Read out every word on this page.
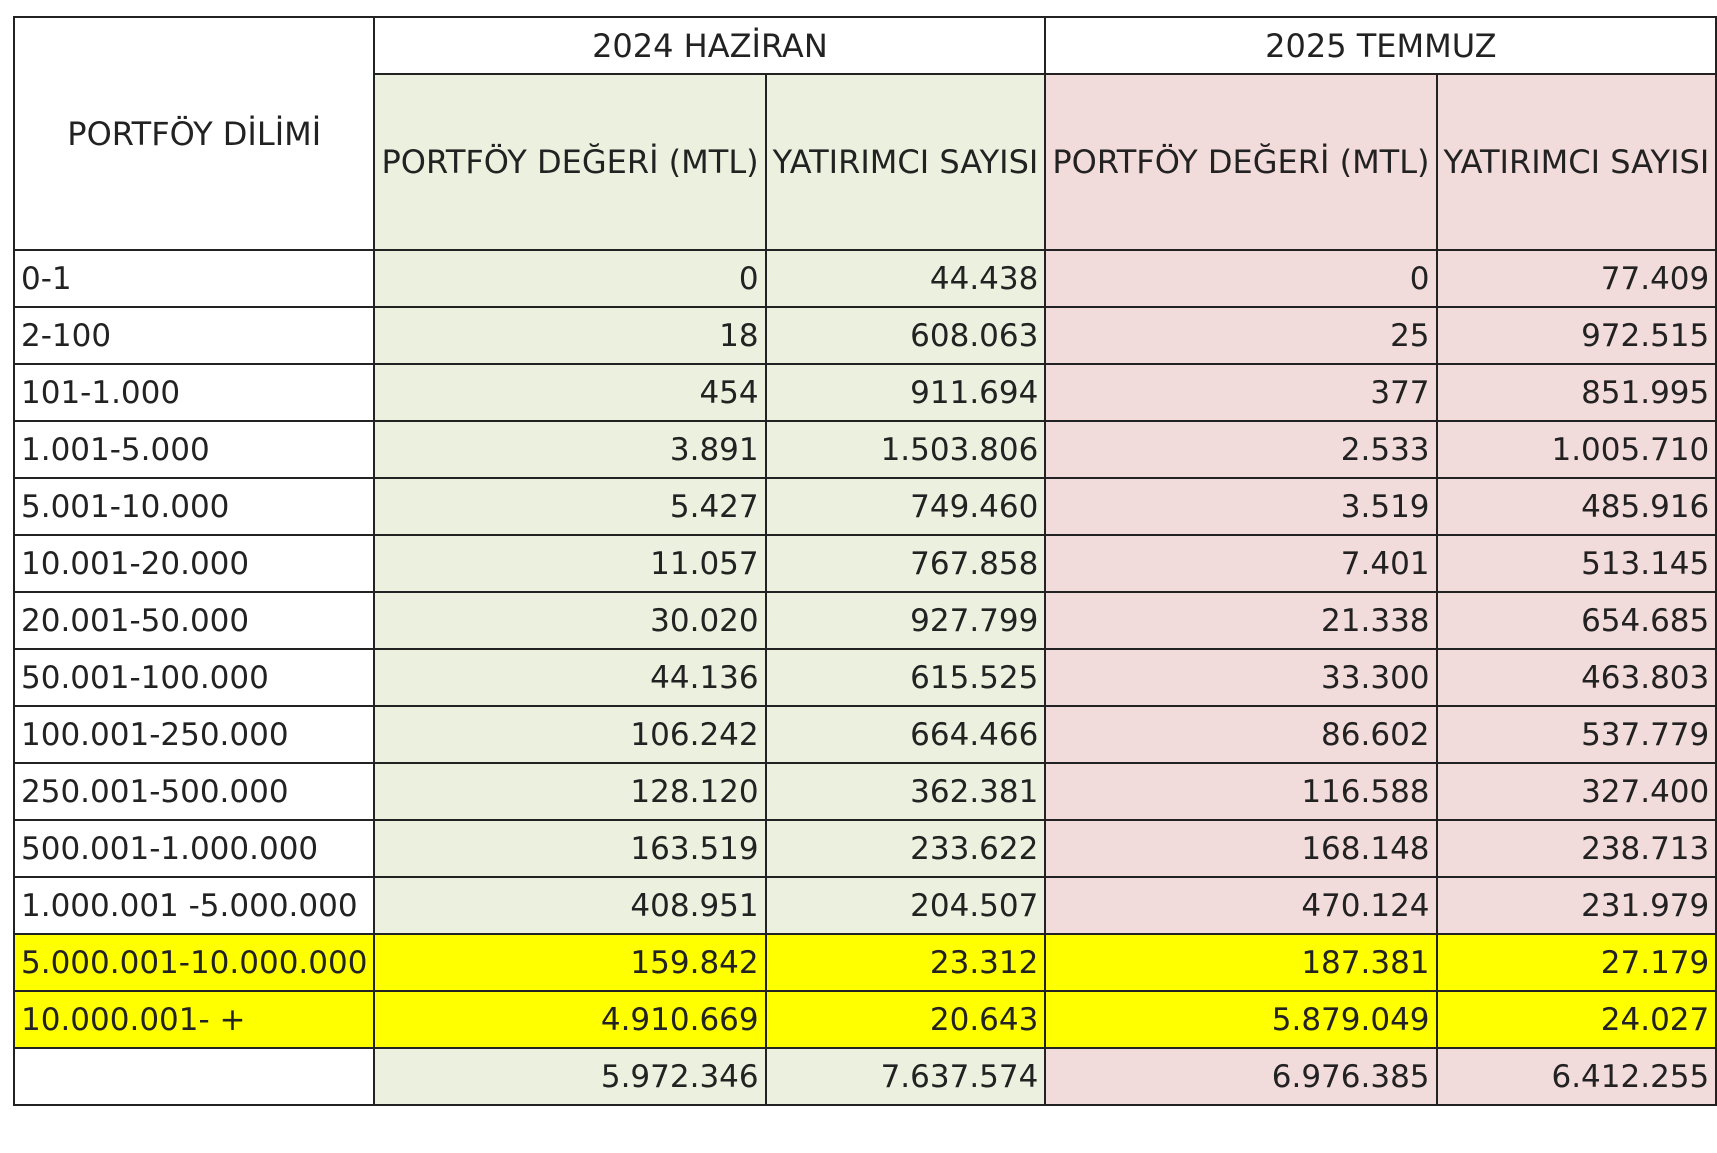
PORTFÖY DİLİMİ	2024 HAZİRAN		2025 TEMMUZ	
	PORTFÖY DEĞERİ (MTL)	YATIRIMCI SAYISI	PORTFÖY DEĞERİ (MTL)	YATIRIMCI SAYISI
0-1	0	44.438	0	77.409
2-100	18	608.063	25	972.515
101-1.000	454	911.694	377	851.995
1.001-5.000	3.891	1.503.806	2.533	1.005.710
5.001-10.000	5.427	749.460	3.519	485.916
10.001-20.000	11.057	767.858	7.401	513.145
20.001-50.000	30.020	927.799	21.338	654.685
50.001-100.000	44.136	615.525	33.300	463.803
100.001-250.000	106.242	664.466	86.602	537.779
250.001-500.000	128.120	362.381	116.588	327.400
500.001-1.000.000	163.519	233.622	168.148	238.713
1.000.001 -5.000.000	408.951	204.507	470.124	231.979
5.000.001-10.000.000	159.842	23.312	187.381	27.179
10.000.001- +	4.910.669	20.643	5.879.049	24.027
	5.972.346	7.637.574	6.976.385	6.412.255
